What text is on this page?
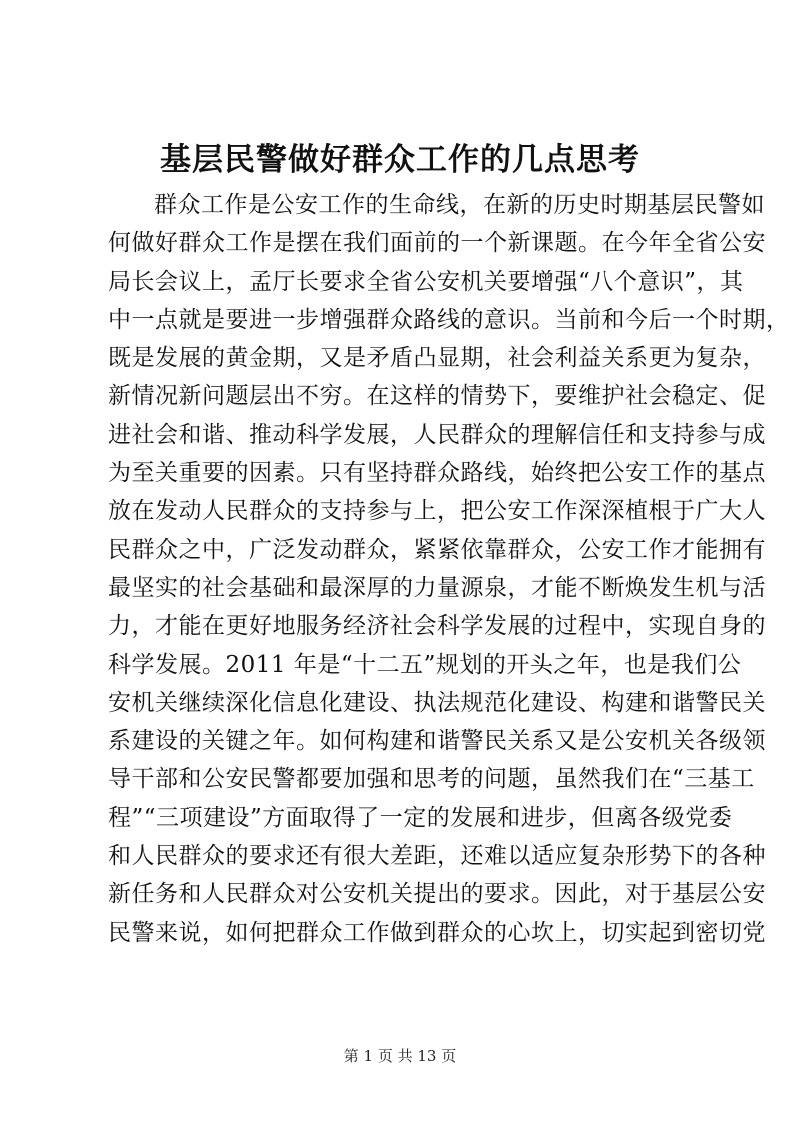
基层民警做好群众工作的几点思考
群众工作是公安工作的生命线，在新的历史时期基层民警如
何做好群众工作是摆在我们面前的一个新课题。在今年全省公安
局长会议上，孟厅长要求全省公安机关要增强“八个意识”，其
中一点就是要进一步增强群众路线的意识。当前和今后一个时期，
既是发展的黄金期，又是矛盾凸显期，社会利益关系更为复杂，
新情况新问题层出不穷。在这样的情势下，要维护社会稳定、促
进社会和谐、推动科学发展，人民群众的理解信任和支持参与成
为至关重要的因素。只有坚持群众路线，始终把公安工作的基点
放在发动人民群众的支持参与上，把公安工作深深植根于广大人
民群众之中，广泛发动群众，紧紧依靠群众，公安工作才能拥有
最坚实的社会基础和最深厚的力量源泉，才能不断焕发生机与活
力，才能在更好地服务经济社会科学发展的过程中，实现自身的
科学发展。2011 年是“十二五”规划的开头之年，也是我们公
安机关继续深化信息化建设、执法规范化建设、构建和谐警民关
系建设的关键之年。如何构建和谐警民关系又是公安机关各级领
导干部和公安民警都要加强和思考的问题，虽然我们在“三基工
程”“三项建设”方面取得了一定的发展和进步，但离各级党委
和人民群众的要求还有很大差距，还难以适应复杂形势下的各种
新任务和人民群众对公安机关提出的要求。因此，对于基层公安
民警来说，如何把群众工作做到群众的心坎上，切实起到密切党
第 1 页 共 13 页
